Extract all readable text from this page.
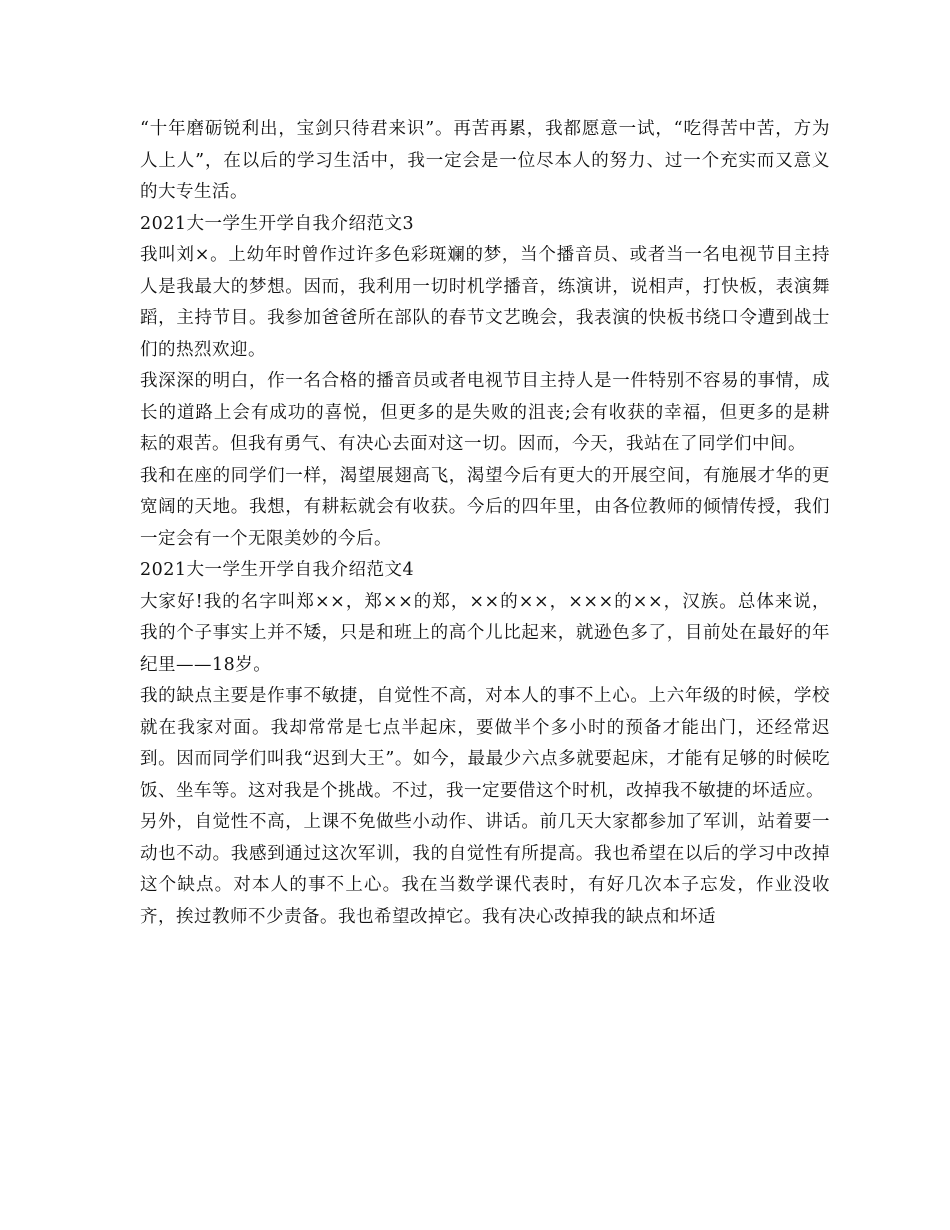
“十年磨砺锐利出，宝剑只待君来识”。再苦再累，我都愿意一试，“吃得苦中苦，方为人上人”，在以后的学习生活中，我一定会是一位尽本人的努力、过一个充实而又意义的大专生活。

2021大一学生开学自我介绍范文3

我叫刘×。上幼年时曾作过许多色彩斑斓的梦，当个播音员、或者当一名电视节目主持人是我最大的梦想。因而，我利用一切时机学播音，练演讲，说相声，打快板，表演舞蹈，主持节目。我参加爸爸所在部队的春节文艺晚会，我表演的快板书绕口令遭到战士们的热烈欢迎。

我深深的明白，作一名合格的播音员或者电视节目主持人是一件特别不容易的事情，成长的道路上会有成功的喜悦，但更多的是失败的沮丧;会有收获的幸福，但更多的是耕耘的艰苦。但我有勇气、有决心去面对这一切。因而，今天，我站在了同学们中间。

我和在座的同学们一样，渴望展翅高飞，渴望今后有更大的开展空间，有施展才华的更宽阔的天地。我想，有耕耘就会有收获。今后的四年里，由各位教师的倾情传授，我们一定会有一个无限美妙的今后。

2021大一学生开学自我介绍范文4

大家好!我的名字叫郑××，郑××的郑，××的××，×××的××，汉族。总体来说，我的个子事实上并不矮，只是和班上的高个儿比起来，就逊色多了，目前处在最好的年纪里——18岁。

我的缺点主要是作事不敏捷，自觉性不高，对本人的事不上心。上六年级的时候，学校就在我家对面。我却常常是七点半起床，要做半个多小时的预备才能出门，还经常迟到。因而同学们叫我“迟到大王”。如今，最最少六点多就要起床，才能有足够的时候吃饭、坐车等。这对我是个挑战。不过，我一定要借这个时机，改掉我不敏捷的坏适应。

另外，自觉性不高，上课不免做些小动作、讲话。前几天大家都参加了军训，站着要一动也不动。我感到通过这次军训，我的自觉性有所提高。我也希望在以后的学习中改掉这个缺点。对本人的事不上心。我在当数学课代表时，有好几次本子忘发，作业没收齐，挨过教师不少责备。我也希望改掉它。我有决心改掉我的缺点和坏适
